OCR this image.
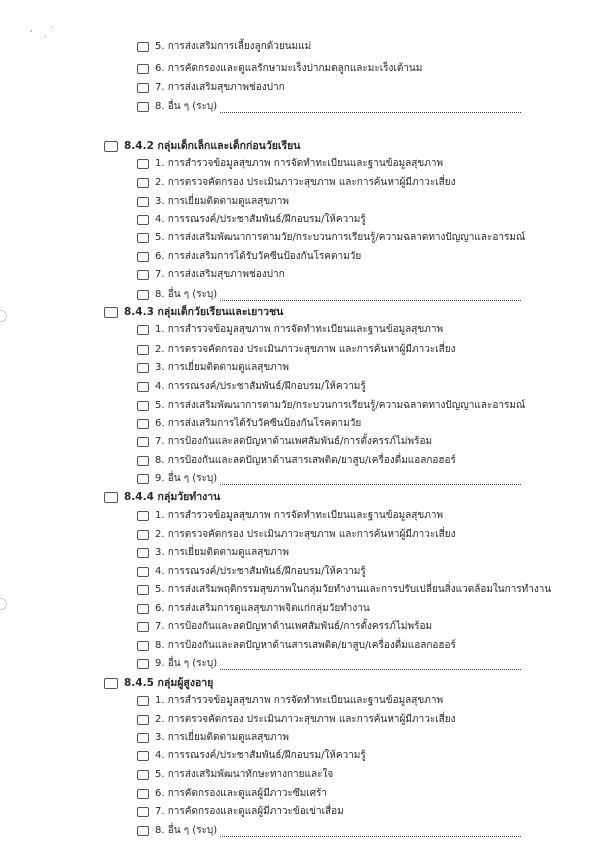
5. การส่งเสริมการเลี้ยงลูกด้วยนมแม่
6. การคัดกรองและดูแลรักษามะเร็งปากมดลูกและมะเร็งเต้านม
7. การส่งเสริมสุขภาพช่องปาก
8. อื่น ๆ (ระบุ)
8.4.2 กลุ่มเด็กเล็กและเด็กก่อนวัยเรียน
1. การสำรวจข้อมูลสุขภาพ การจัดทำทะเบียนและฐานข้อมูลสุขภาพ
2. การตรวจคัดกรอง ประเมินภาวะสุขภาพ และการค้นหาผู้มีภาวะเสี่ยง
3. การเยี่ยมติดตามดูแลสุขภาพ
4. การรณรงค์/ประชาสัมพันธ์/ฝึกอบรม/ให้ความรู้
5. การส่งเสริมพัฒนาการตามวัย/กระบวนการเรียนรู้/ความฉลาดทางปัญญาและอารมณ์
6. การส่งเสริมการได้รับวัคซีนป้องกันโรคตามวัย
7. การส่งเสริมสุขภาพช่องปาก
8. อื่น ๆ (ระบุ)
8.4.3 กลุ่มเด็กวัยเรียนและเยาวชน
1. การสำรวจข้อมูลสุขภาพ การจัดทำทะเบียนและฐานข้อมูลสุขภาพ
2. การตรวจคัดกรอง ประเมินภาวะสุขภาพ และการค้นหาผู้มีภาวะเสี่ยง
3. การเยี่ยมติดตามดูแลสุขภาพ
4. การรณรงค์/ประชาสัมพันธ์/ฝึกอบรม/ให้ความรู้
5. การส่งเสริมพัฒนาการตามวัย/กระบวนการเรียนรู้/ความฉลาดทางปัญญาและอารมณ์
6. การส่งเสริมการได้รับวัคซีนป้องกันโรคตามวัย
7. การป้องกันและลดปัญหาด้านเพศสัมพันธ์/การตั้งครรภ์ไม่พร้อม
8. การป้องกันและลดปัญหาด้านสารเสพติด/ยาสูบ/เครื่องดื่มแอลกอฮอร์
9. อื่น ๆ (ระบุ)
8.4.4 กลุ่มวัยทำงาน
1. การสำรวจข้อมูลสุขภาพ การจัดทำทะเบียนและฐานข้อมูลสุขภาพ
2. การตรวจคัดกรอง ประเมินภาวะสุขภาพ และการค้นหาผู้มีภาวะเสี่ยง
3. การเยี่ยมติดตามดูแลสุขภาพ
4. การรณรงค์/ประชาสัมพันธ์/ฝึกอบรม/ให้ความรู้
5. การส่งเสริมพฤติกรรมสุขภาพในกลุ่มวัยทำงานและการปรับเปลี่ยนสิ่งแวดล้อมในการทำงาน
6. การส่งเสริมการดูแลสุขภาพจิตแก่กลุ่มวัยทำงาน
7. การป้องกันและลดปัญหาด้านเพศสัมพันธ์/การตั้งครรภ์ไม่พร้อม
8. การป้องกันและลดปัญหาด้านสารเสพติด/ยาสูบ/เครื่องดื่มแอลกอฮอร์
9. อื่น ๆ (ระบุ)
8.4.5 กลุ่มผู้สูงอายุ
1. การสำรวจข้อมูลสุขภาพ การจัดทำทะเบียนและฐานข้อมูลสุขภาพ
2. การตรวจคัดกรอง ประเมินภาวะสุขภาพ และการค้นหาผู้มีภาวะเสี่ยง
3. การเยี่ยมติดตามดูแลสุขภาพ
4. การรณรงค์/ประชาสัมพันธ์/ฝึกอบรม/ให้ความรู้
5. การส่งเสริมพัฒนาทักษะทางกายและใจ
6. การคัดกรองและดูแลผู้มีภาวะซึมเศร้า
7. การคัดกรองและดูแลผู้มีภาวะข้อเข่าเสื่อม
8. อื่น ๆ (ระบุ)
